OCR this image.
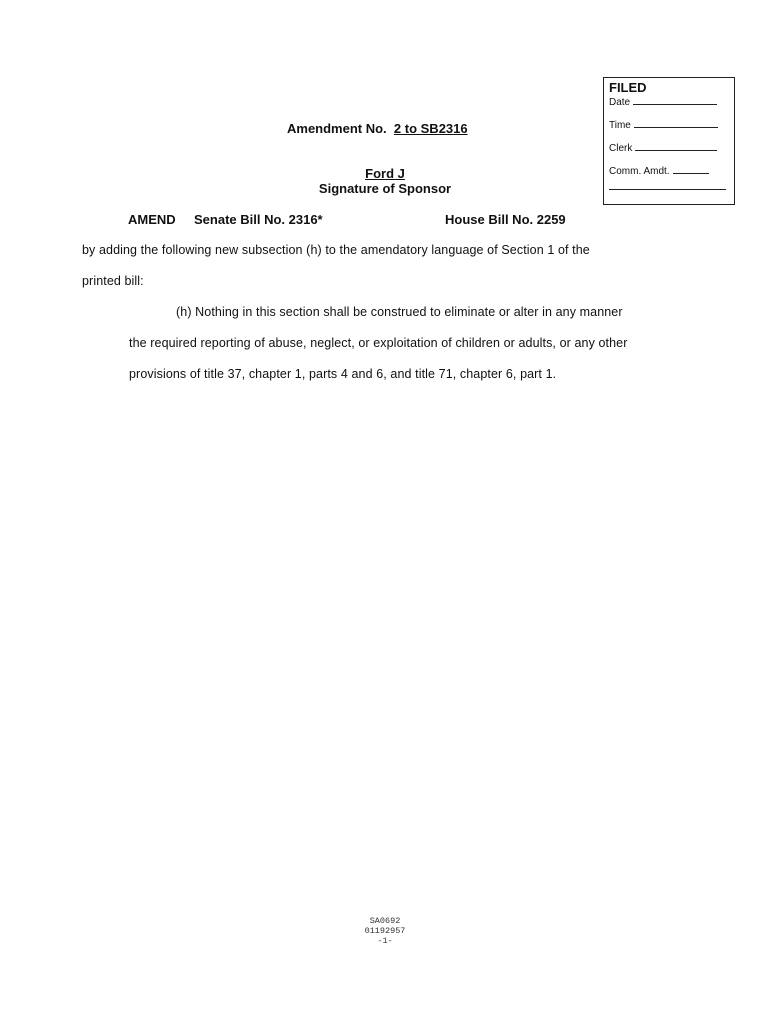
FILED
Date
Time
Clerk
Comm. Amdt.
Amendment No. 2 to SB2316
Ford J
Signature of Sponsor
AMEND Senate Bill No. 2316*	House Bill No. 2259
by adding the following new subsection (h) to the amendatory language of Section 1 of the
printed bill:
(h) Nothing in this section shall be construed to eliminate or alter in any manner
the required reporting of abuse, neglect, or exploitation of children or adults, or any other
provisions of title 37, chapter 1, parts 4 and 6, and title 71, chapter 6, part 1.
SA0692
01192957
-1-
